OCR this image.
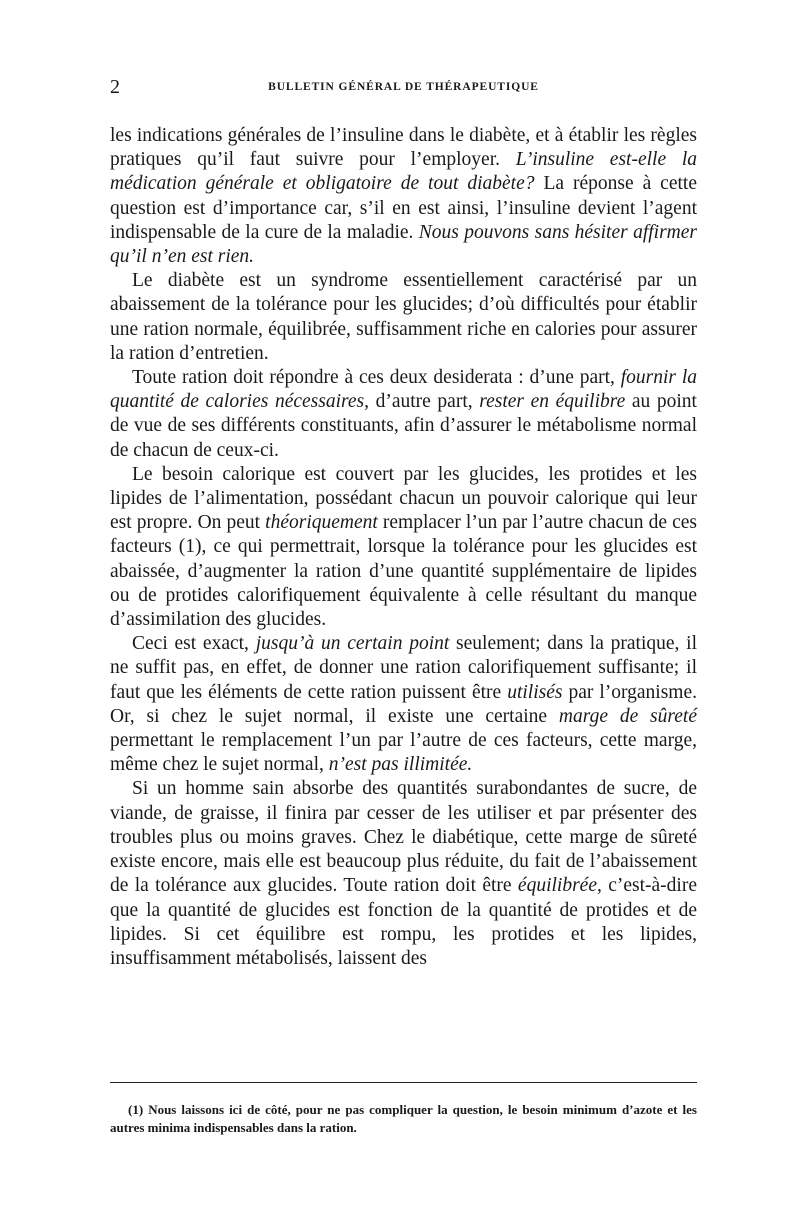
2	BULLETIN GÉNÉRAL DE THÉRAPEUTIQUE

les indications générales de l’insuline dans le diabète, et à établir les règles pratiques qu’il faut suivre pour l’employer. L’insuline est-elle la médication générale et obligatoire de tout diabète? La réponse à cette question est d’importance car, s’il en est ainsi, l’insuline devient l’agent indispensable de la cure de la maladie. Nous pouvons sans hésiter affirmer qu’il n’en est rien.

Le diabète est un syndrome essentiellement caractérisé par un abaissement de la tolérance pour les glucides; d’où difficultés pour établir une ration normale, équilibrée, suffisamment riche en calories pour assurer la ration d’entretien.

Toute ration doit répondre à ces deux desiderata : d’une part, fournir la quantité de calories nécessaires, d’autre part, rester en équilibre au point de vue de ses différents constituants, afin d’assurer le métabolisme normal de chacun de ceux-ci.

Le besoin calorique est couvert par les glucides, les protides et les lipides de l’alimentation, possédant chacun un pouvoir calorique qui leur est propre. On peut théoriquement remplacer l’un par l’autre chacun de ces facteurs (1), ce qui permettrait, lorsque la tolérance pour les glucides est abaissée, d’augmenter la ration d’une quantité supplémentaire de lipides ou de protides calorifiquement équivalente à celle résultant du manque d’assimilation des glucides.

Ceci est exact, jusqu’à un certain point seulement; dans la pratique, il ne suffit pas, en effet, de donner une ration calorifiquement suffisante; il faut que les éléments de cette ration puissent être utilisés par l’organisme. Or, si chez le sujet normal, il existe une certaine marge de sûreté permettant le remplacement l’un par l’autre de ces facteurs, cette marge, même chez le sujet normal, n’est pas illimitée.

Si un homme sain absorbe des quantités surabondantes de sucre, de viande, de graisse, il finira par cesser de les utiliser et par présenter des troubles plus ou moins graves. Chez le diabétique, cette marge de sûreté existe encore, mais elle est beaucoup plus réduite, du fait de l’abaissement de la tolérance aux glucides. Toute ration doit être équilibrée, c’est-à-dire que la quantité de glucides est fonction de la quantité de protides et de lipides. Si cet équilibre est rompu, les protides et les lipides, insuffisamment métabolisés, laissent des

(1) Nous laissons ici de côté, pour ne pas compliquer la question, le besoin minimum d’azote et les autres minima indispensables dans la ration.
